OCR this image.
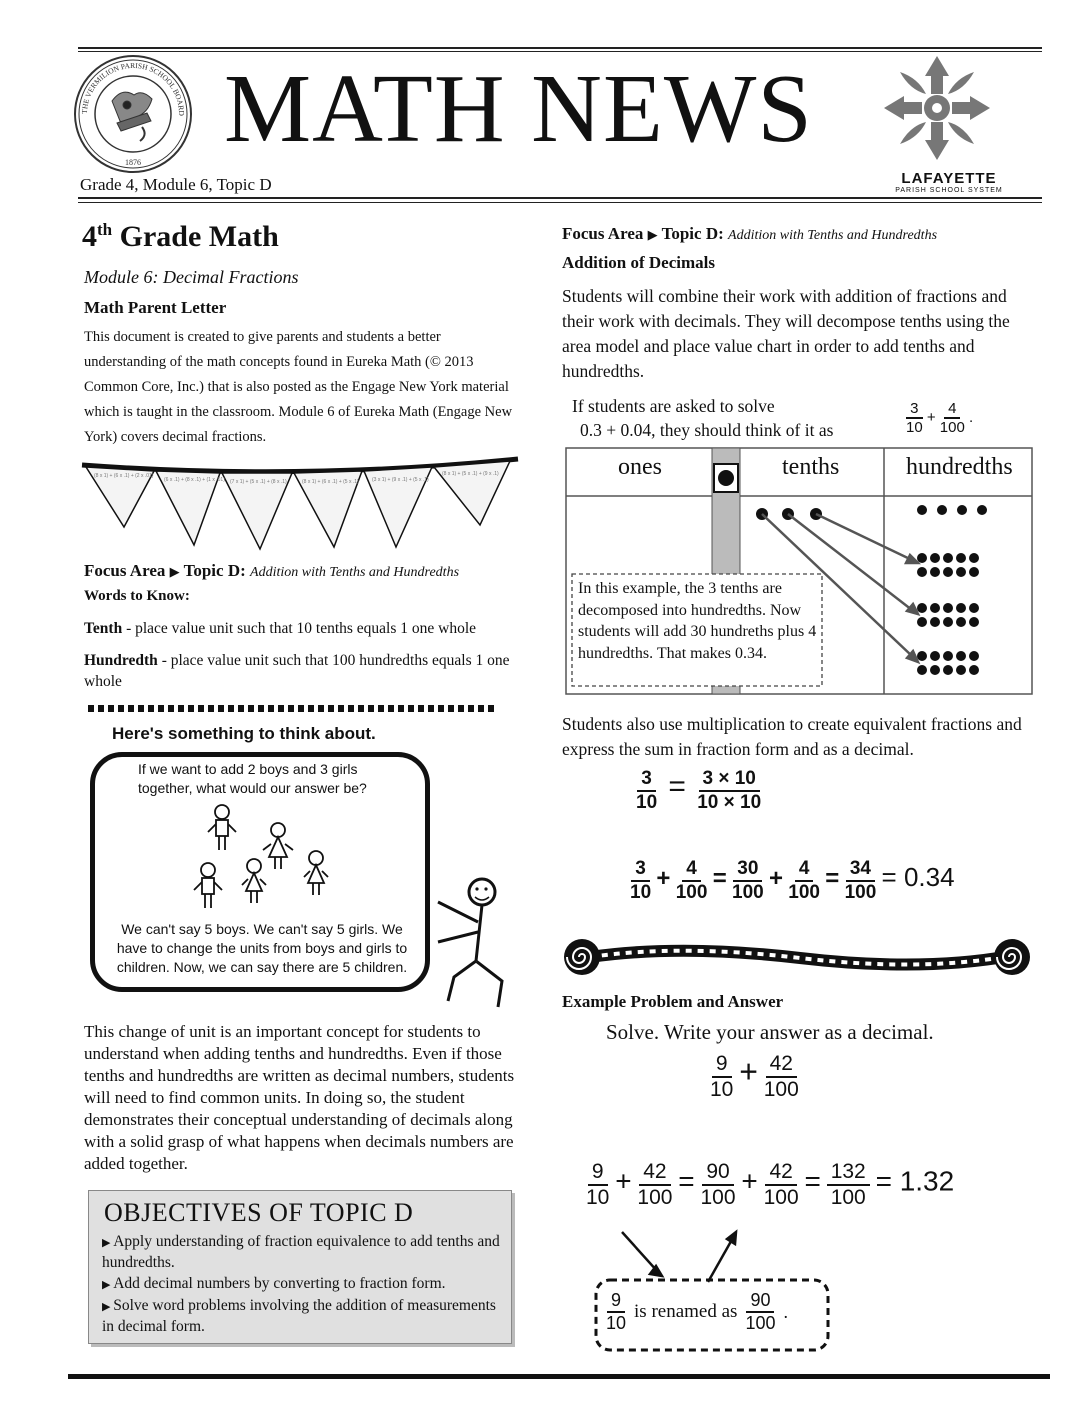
THE VERMILION PARISH SCHOOL BOARD
1876 MATH NEWS
LAFAYETTE
PARISH SCHOOL SYSTEM
Grade 4, Module 6, Topic D
4th Grade Math
Module 6: Decimal Fractions
Math Parent Letter
This document is created to give parents and students a better understanding of the math concepts found in Eureka Math (© 2013 Common Core, Inc.) that is also posted as the Engage New York material which is taught in the classroom. Module 6 of Eureka Math (Engage New York) covers decimal fractions.
(8 x 1) + (6 x .1) + (2 x .01)
(6 x .1) + (8 x .1) + (1 x .01) (7 x 1) + (5 x .1) + (8 x .1)	(8 x 1) + (6 x .1) + (5 x .1)	(3 x 1) + (9 x .1) + (5 x .1)
(8 x 1) + (5 x .1) + (9 x .1)
Focus Area ▶ Topic D: Addition with Tenths and Hundredths
Words to Know:
Tenth - place value unit such that 10 tenths equals 1 one whole
Hundredth - place value unit such that 100 hundredths equals 1 one whole
Here's something to think about.
If we want to add 2 boys and 3 girls together, what would our answer be?
We can't say 5 boys. We can't say 5 girls. We have to change the units from boys and girls to children. Now, we can say there are 5 children.
This change of unit is an important concept for students to understand when adding tenths and hundredths. Even if those tenths and hundredths are written as decimal numbers, students will need to find common units. In doing so, the student demonstrates their conceptual understanding of decimals along with a solid grasp of what happens when decimals numbers are added together.
OBJECTIVES OF TOPIC D
▶ Apply understanding of fraction equivalence to add tenths and hundredths.
▶ Add decimal numbers by converting to fraction form.
▶ Solve word problems involving the addition of measurements in decimal form.
Focus Area ▶ Topic D: Addition with Tenths and Hundredths
Addition of Decimals
Students will combine their work with addition of fractions and their work with decimals. They will decompose tenths using the area model and place value chart in order to add tenths and hundredths.
If students are asked to solve
0.3 + 0.04, they should think of it as	$\frac{3}{10} + \frac{4}{100}$ .
ones	tenths	hundredths
In this example, the 3 tenths are decomposed into hundredths. Now students will add 30 hundreths plus 4 hundredths. That makes 0.34.
Students also use multiplication to create equivalent fractions and express the sum in fraction form and as a decimal.
$\frac{3}{10} = \frac{3 \times 10}{10 \times 10}$
$\frac{3}{10} + \frac{4}{100} = \frac{30}{100} + \frac{4}{100} = \frac{34}{100} = 0.34$
Example Problem and Answer
Solve. Write your answer as a decimal.
$\frac{9}{10} + \frac{42}{100}$
$\frac{9}{10} + \frac{42}{100} = \frac{90}{100} + \frac{42}{100} = \frac{132}{100} = 1.32$
$\frac{9}{10}$ is renamed as $\frac{90}{100}$ .
